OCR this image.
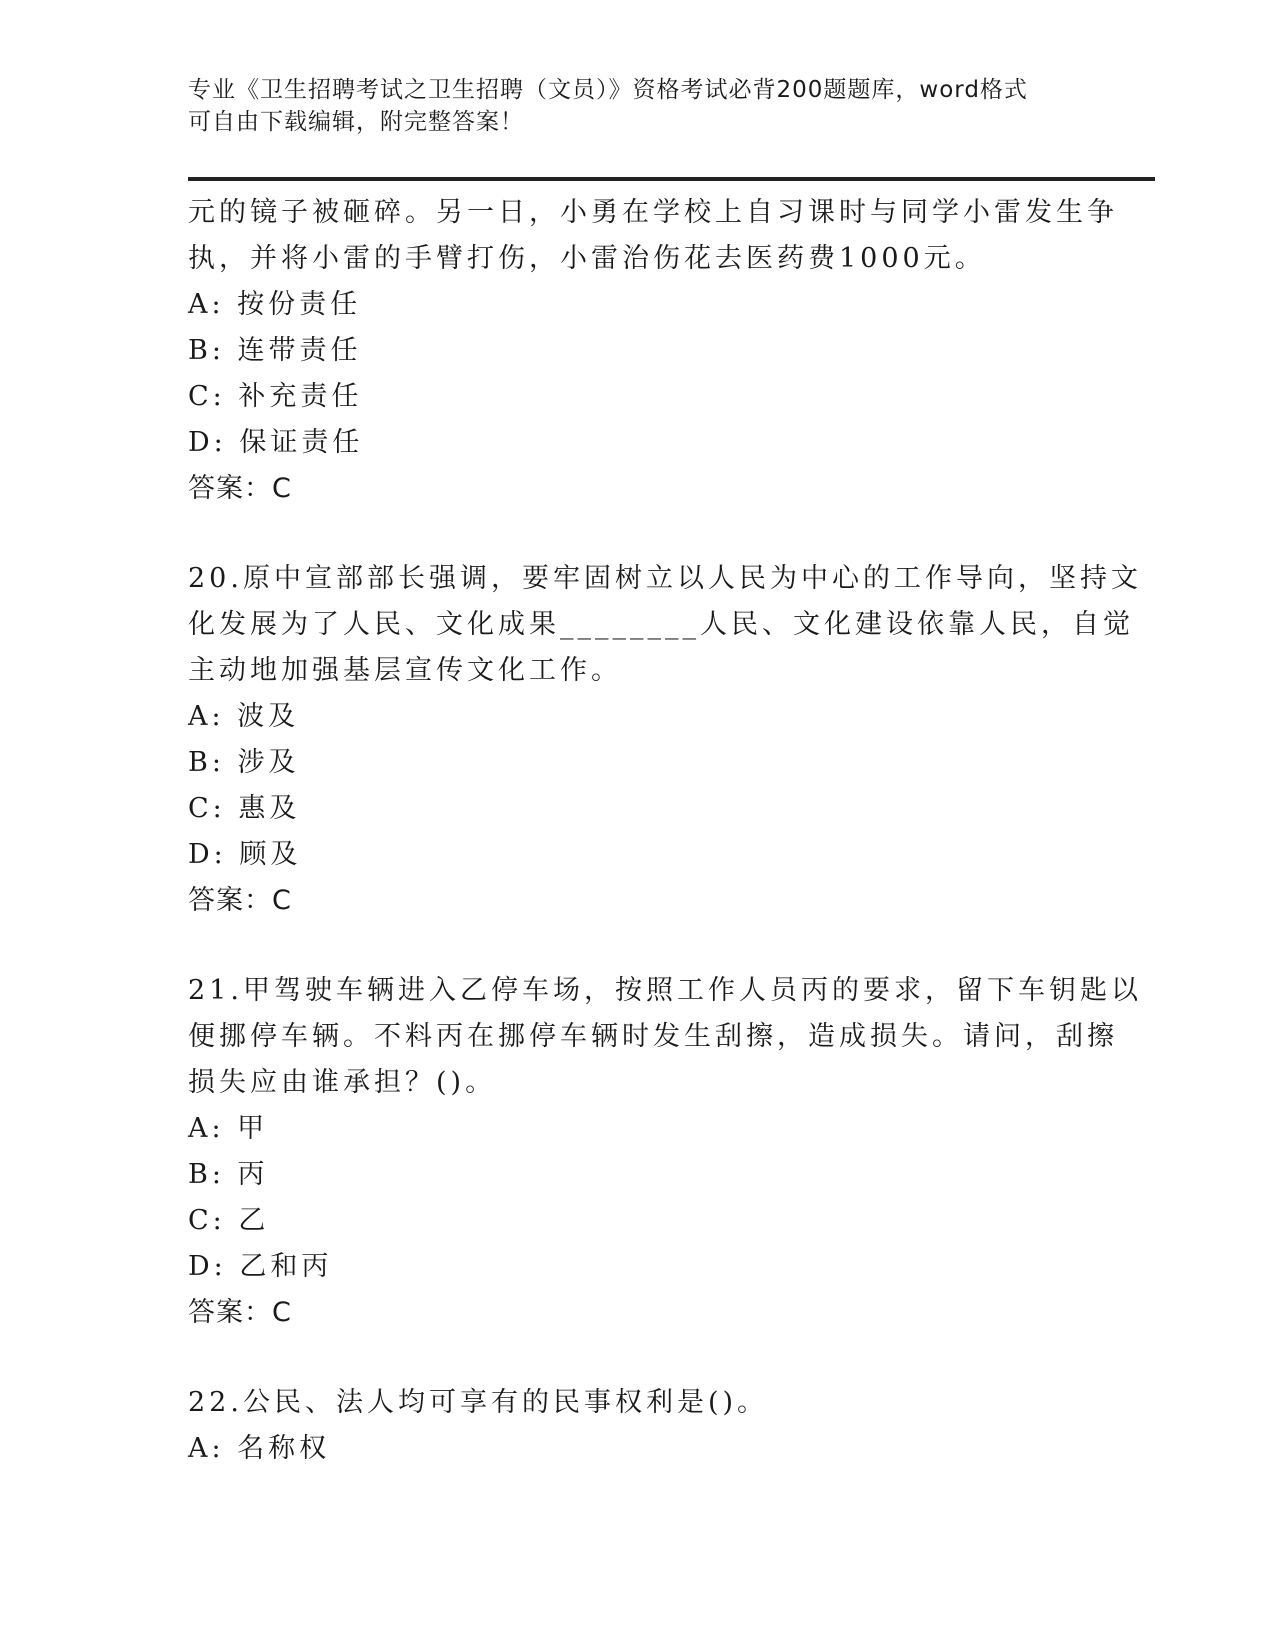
专业《卫生招聘考试之卫生招聘（文员）》资格考试必背200题题库，word格式
可自由下载编辑，附完整答案！
元的镜子被砸碎。另一日，小勇在学校上自习课时与同学小雷发生争
执，并将小雷的手臂打伤，小雷治伤花去医药费1000元。
A: 按份责任
B: 连带责任
C: 补充责任
D: 保证责任
答案：C
20.原中宣部部长强调，要牢固树立以人民为中心的工作导向，坚持文
化发展为了人民、文化成果________人民、文化建设依靠人民，自觉
主动地加强基层宣传文化工作。
A: 波及
B: 涉及
C: 惠及
D: 顾及
答案：C
21.甲驾驶车辆进入乙停车场，按照工作人员丙的要求，留下车钥匙以
便挪停车辆。不料丙在挪停车辆时发生刮擦，造成损失。请问，刮擦
损失应由谁承担？()。
A: 甲
B: 丙
C: 乙
D: 乙和丙
答案：C
22.公民、法人均可享有的民事权利是()。
A: 名称权
